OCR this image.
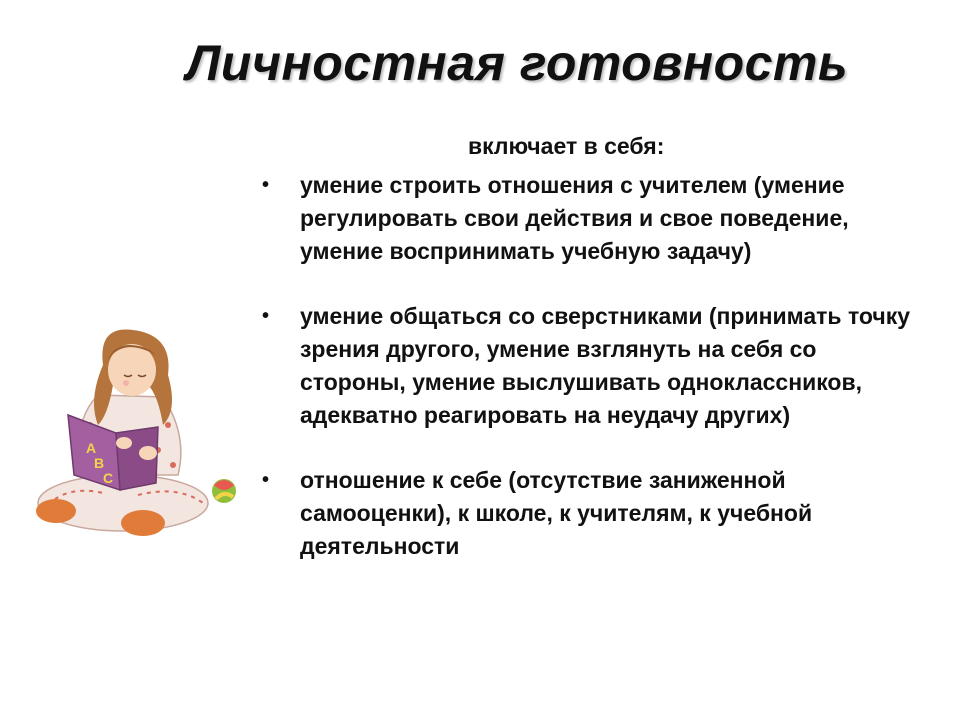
Личностная готовность
включает в себя:
•	умение строить отношения с учителем (умение регулировать свои действия и свое поведение, умение воспринимать учебную задачу)
•	умение общаться со сверстниками (принимать точку зрения другого, умение взглянуть на себя со стороны, умение выслушивать одноклассников, адекватно реагировать на неудачу других)
•	отношение к себе (отсутствие заниженной самооценки), к школе, к учителям, к учебной деятельности
A
B
C
